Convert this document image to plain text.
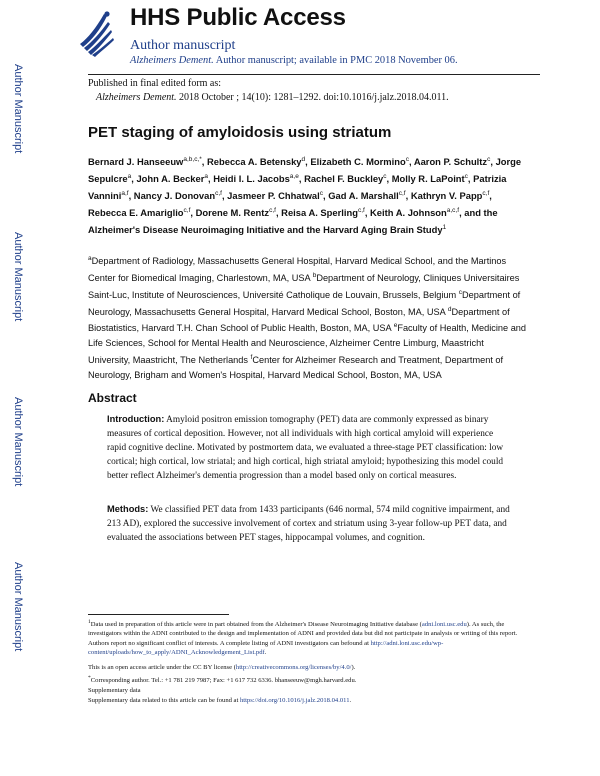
HHS Public Access
Author manuscript
Alzheimers Dement. Author manuscript; available in PMC 2018 November 06.
Published in final edited form as:
Alzheimers Dement. 2018 October ; 14(10): 1281–1292. doi:10.1016/j.jalz.2018.04.011.
Author Manuscript
Author Manuscript
Author Manuscript
Author Manuscript
PET staging of amyloidosis using striatum
Bernard J. Hanseeuw$^{a,b,c,*}$, Rebecca A. Betensky$^d$, Elizabeth C. Mormino$^c$, Aaron P. Schultz$^c$, Jorge Sepulcre$^a$, John A. Becker$^a$, Heidi I. L. Jacobs$^{a,e}$, Rachel F. Buckley$^c$, Molly R. LaPoint$^c$, Patrizia Vannini$^{a,f}$, Nancy J. Donovan$^{c,f}$, Jasmeer P. Chhatwal$^c$, Gad A. Marshall$^{c,f}$, Kathryn V. Papp$^{c,f}$, Rebecca E. Amariglio$^{c,f}$, Dorene M. Rentz$^{c,f}$, Reisa A. Sperling$^{c,f}$, Keith A. Johnson$^{a,c,f}$, and the Alzheimer's Disease Neuroimaging Initiative and the Harvard Aging Brain Study$^1$
$^a$Department of Radiology, Massachusetts General Hospital, Harvard Medical School, and the Martinos Center for Biomedical Imaging, Charlestown, MA, USA $^b$Department of Neurology, Cliniques Universitaires Saint-Luc, Institute of Neurosciences, Université Catholique de Louvain, Brussels, Belgium $^c$Department of Neurology, Massachusetts General Hospital, Harvard Medical School, Boston, MA, USA $^d$Department of Biostatistics, Harvard T.H. Chan School of Public Health, Boston, MA, USA $^e$Faculty of Health, Medicine and Life Sciences, School for Mental Health and Neuroscience, Alzheimer Centre Limburg, Maastricht University, Maastricht, The Netherlands $^f$Center for Alzheimer Research and Treatment, Department of Neurology, Brigham and Women's Hospital, Harvard Medical School, Boston, MA, USA
Abstract
Introduction: Amyloid positron emission tomography (PET) data are commonly expressed as binary measures of cortical deposition. However, not all individuals with high cortical amyloid will experience rapid cognitive decline. Motivated by postmortem data, we evaluated a three-stage PET classification: low cortical; high cortical, low striatal; and high cortical, high striatal amyloid; hypothesizing this model could better reflect Alzheimer's dementia progression than a model based only on cortical measures.
Methods: We classified PET data from 1433 participants (646 normal, 574 mild cognitive impairment, and 213 AD), explored the successive involvement of cortex and striatum using 3-year follow-up PET data, and evaluated the associations between PET stages, hippocampal volumes, and cognition.
$^1$Data used in preparation of this article were in part obtained from the Alzheimer's Disease Neuroimaging Initiative database (adni.loni.usc.edu). As such, the investigators within the ADNI contributed to the design and implementation of ADNI and provided data but did not participate in analysis or writing of this report. Authors report no significant conflict of interests. A complete listing of ADNI investigators can befound at http://adni.loni.usc.edu/wp-content/uploads/how_to_apply/ADNI_Acknowledgement_List.pdf.
This is an open access article under the CC BY license (http://creativecommons.org/licenses/by/4.0/).
*Corresponding author. Tel.: +1 781 219 7987; Fax: +1 617 732 6336. bhanseeuw@mgh.harvard.edu.
Supplementary data
Supplementary data related to this article can be found at https://doi.org/10.1016/j.jalz.2018.04.011.
